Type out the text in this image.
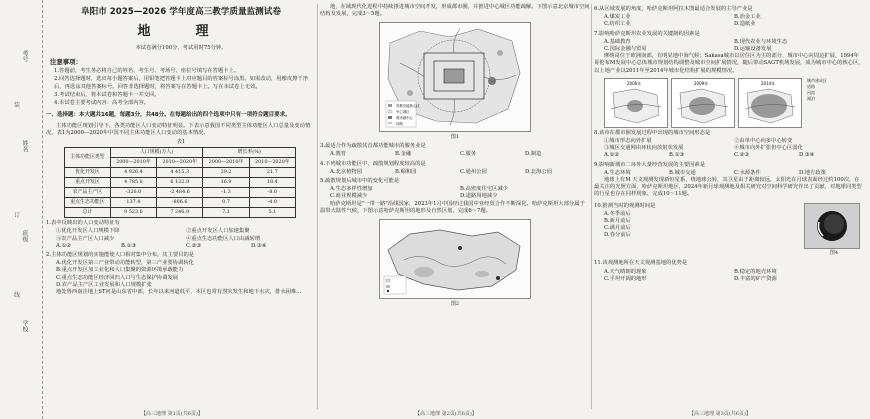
考号
姓名
班级
学校
装
订
线
阜阳市 2025—2026 学年度高三教学质量监测试卷
地　理
本试卷满分100分，考试用时75分钟。
注意事项：
1.答题前，考生务必将自己的姓名、考生号、考场号、座位号填写在答题卡上。
2.回答选择题时，选出每小题答案后，用铅笔把答题卡上对应题目的答案标号涂黑。如需改动，用橡皮擦干净后，再选涂其他答案标号。回答非选择题时，将答案写在答题卡上。写在本试卷上无效。
3.考试结束后，将本试卷和答题卡一并交回。
4.本试卷主要考试内容：高考全部内容。
一、选择题：本大题共16题，每题3分，共48分。在每题给出的四个选项中只有一项符合题目要求。
主体功能区规划引导下，各类功能区人口变动特征明显。下表示意我国不同类型主体功能区人口总量及变动情况，表1为2000—2020年中国不同主体功能区人口变动的基本情况。
表1
主体功能区类型	人口规模(万人)		增长率(%)	
	2000—2010年	2010—2020年	2000—2010年	2010—2020年
优化开发区	4 926.4	4 415.3	29.2	21.7
重点开发区	4 785.8	6 122.9	16.9	18.4
农产品主产区	-326.0	-2 484.6	-1.3	-8.0
重点生态功能区	137.4	-806.6	0.7	-4.0
总计	9 523.6	7 246.9	7.1	5.1
1.表中反映出的人口变动特征有
①优化开发区人口规模下降	②重点开发区人口加速集聚
③农产品主产区人口减少	④重点生态功能区人口由减转增
A.①②	B.①③	C.②③	D.③④
2.主体功能区规划的实施能使人口相对集中分布，其主要目的是
A.优化开发区第三产业带动功能转型，第三产业要协调转化
B.重点开发区加工业化和人口集聚的资源环境承载能力
C.重点生态功能区经济回归人口与生态保护协调发展
D.农产品主产区工业发展和人口规模扩张
地处鲁西南洼地上ST河是山东省中部，长年以来河道低平，本区也常有涝灾发生和地下水灾，排水困难...
【高三地理 第1页(共6页)】
地，在域现代化进程中持续推进城市空间开发，形成都市圈，并推进中心城区功能疏解。下图示意北京城市空间结构及发展，完成3～5题。
首都功能核心区
中心城区
城市副中心
环路
图1
3.最适合作为疏散其首都功能城市的服务业是
A.教育	B.金融	C.服务	D.制造
4.下列城市功能区中，疏散规划程度较高的是
A.北京植物园	B.颐和园	C.通州公园	D.北海公园
5.疏散规划后城市中的变化可能是
A.生态多样性增加	B.高密度住宅区减少
C.商业规模减少	D.道路用地减少
哈萨克斯坦是"一带一路"沿线国家，2023年1月中国经过我国中亚经贸合作不断深化。哈萨克斯坦大部分属于温带大陆性气候，下图示意哈萨克斯坦的地形及自然区划，完成6～7题。
图2
【高三地理 第2页(共6页)】
6.从区域发展的角度，哈萨克斯坦阿拉木图最适合发展的主导产业是
A.煤炭工业	B.冶金工业
C.纺织工业	D.造纸业
7.影响哈萨克斯坦农业发展的关键制约因素是
A.基础教育	B.现代农业与环境生态
C.国际金融与贸易	D.运输设备发展
摩纳哥位于欧洲南部，有明显地中海气候；Sakasa城市以居住区为主的部分，城市中心向周边扩展，1994年哥伦布M发展中心总体城市规划结构调整及城市空间扩展情况，随后带动SAGT机场发展，成为城市中心的核心区，以上地产业以2011年至2014年城市化结构扩展的规模情况。
2006年	2009年	2014年
城市建成区
道路
河流
湖泊
8.该市在都市圈发展过程中出现的城市空间形态是
①城市形态向外扩展	②由单中心向多中心转变
③城区交通网由环状向放射状发展	④城市向外扩张但中心区弱化
A.①②	B.①③	C.②③	D.③④
9.影响新城市二环外大量经营发展的主要因素是
A.生态环境	B.城市交通	C.水源条件	D.地方政策
地球上有M 天文观测发现新恒星系，绕地球公转，其卫星由于距离较远，太阳光在月球表面经过约100次，在最关注的光照方面，哈萨克斯坦地区，2024年新月球观测地及相关研究对空间科学研究作出了贡献，对地球同类型的行星也存在同样现象，完成10～11题。
10.推测当时的观测时间是
A.冬季前后
B.新月前后
C.满月前后
D.春分前后
图4
11.该观测地所在天文观测基地的优势是
A.天气晴朗的现象	B.稳定的地壳环境
C.平坦开阔的地形	D.丰富的矿产资源
【高三地理 第3页(共6页)】
